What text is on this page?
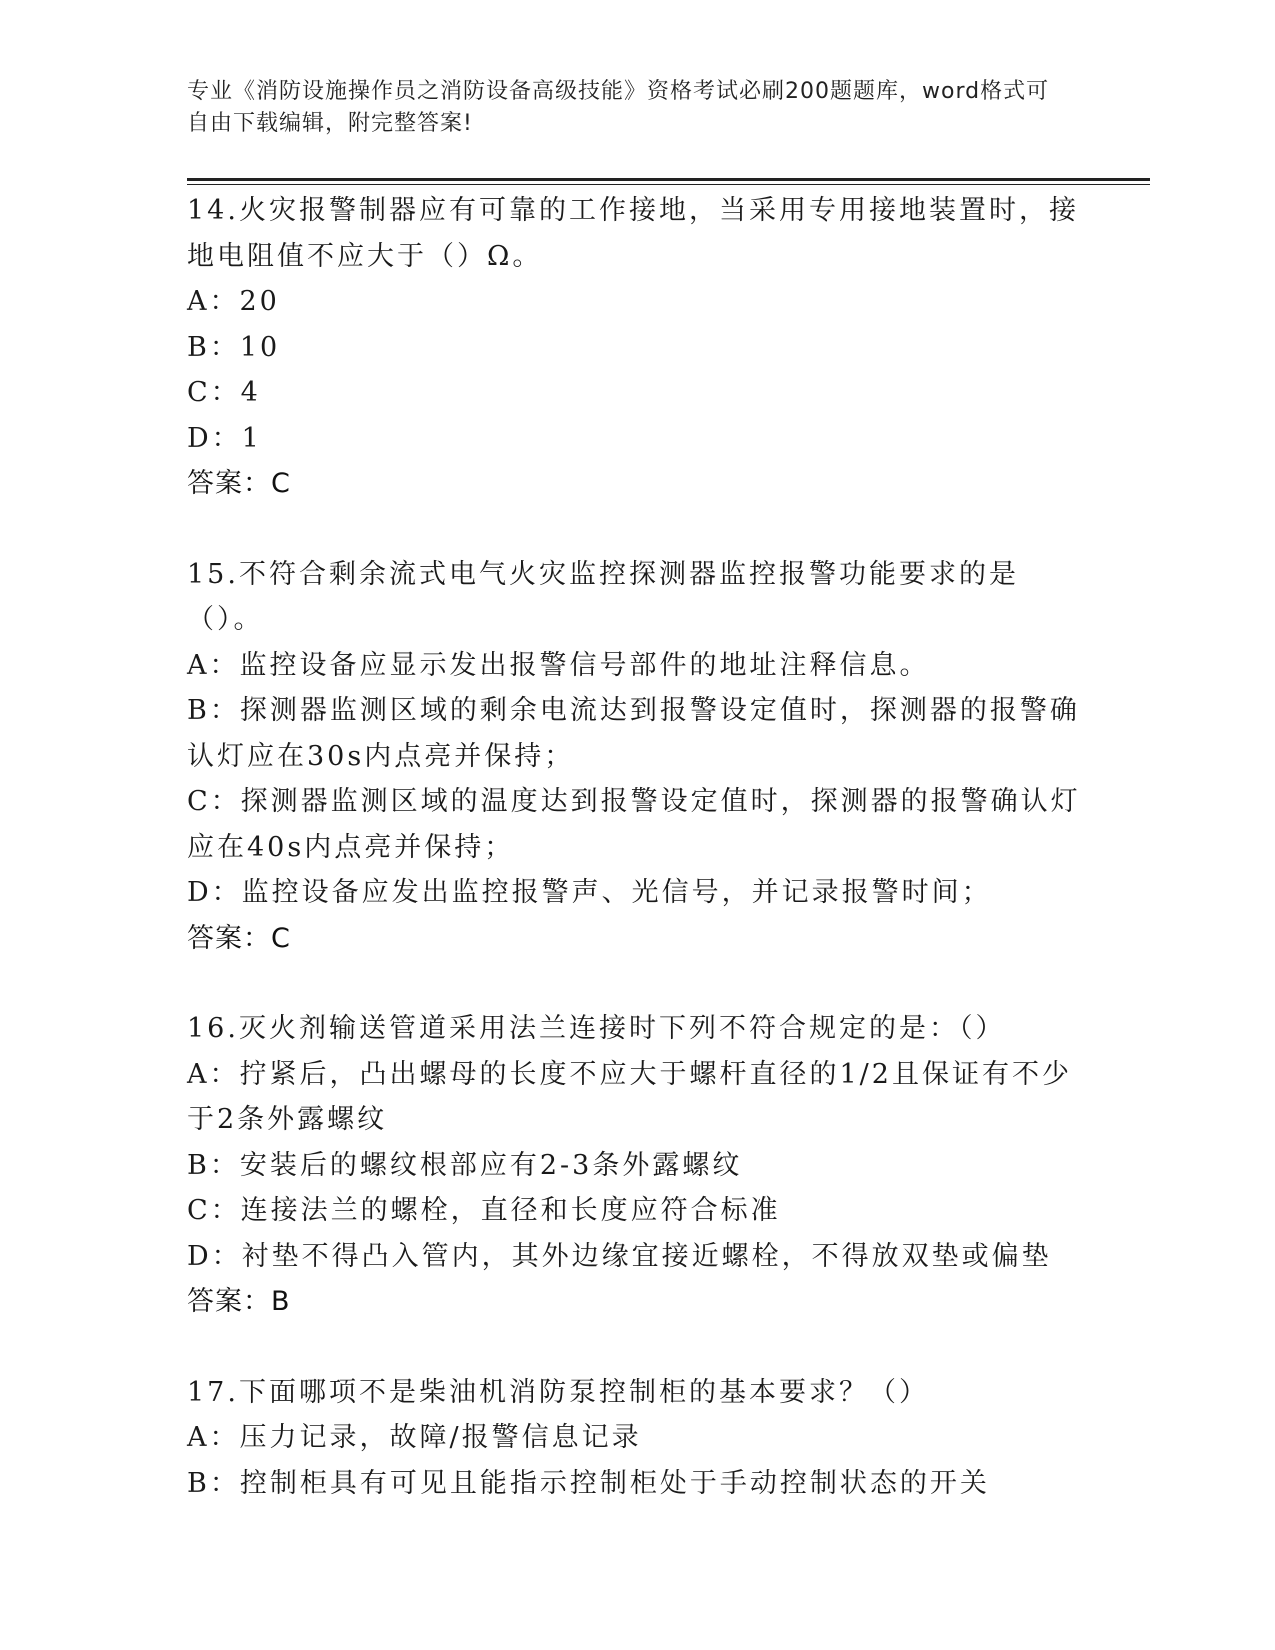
专业《消防设施操作员之消防设备高级技能》资格考试必刷200题题库，word格式可自由下载编辑，附完整答案!

14.火灾报警制器应有可靠的工作接地，当采用专用接地装置时，接地电阻值不应大于（）Ω。

A：20

B：10

C：4

D：1

答案：C

15.不符合剩余流式电气火灾监控探测器监控报警功能要求的是（）。

A：监控设备应显示发出报警信号部件的地址注释信息。

B：探测器监测区域的剩余电流达到报警设定值时，探测器的报警确认灯应在30s内点亮并保持；

C：探测器监测区域的温度达到报警设定值时，探测器的报警确认灯应在40s内点亮并保持；

D：监控设备应发出监控报警声、光信号，并记录报警时间；

答案：C

16.灭火剂输送管道采用法兰连接时下列不符合规定的是：（）

A：拧紧后，凸出螺母的长度不应大于螺杆直径的1/2且保证有不少于2条外露螺纹

B：安装后的螺纹根部应有2-3条外露螺纹

C：连接法兰的螺栓，直径和长度应符合标准

D：衬垫不得凸入管内，其外边缘宜接近螺栓，不得放双垫或偏垫

答案：B

17.下面哪项不是柴油机消防泵控制柜的基本要求？（）

A：压力记录，故障/报警信息记录

B：控制柜具有可见且能指示控制柜处于手动控制状态的开关
